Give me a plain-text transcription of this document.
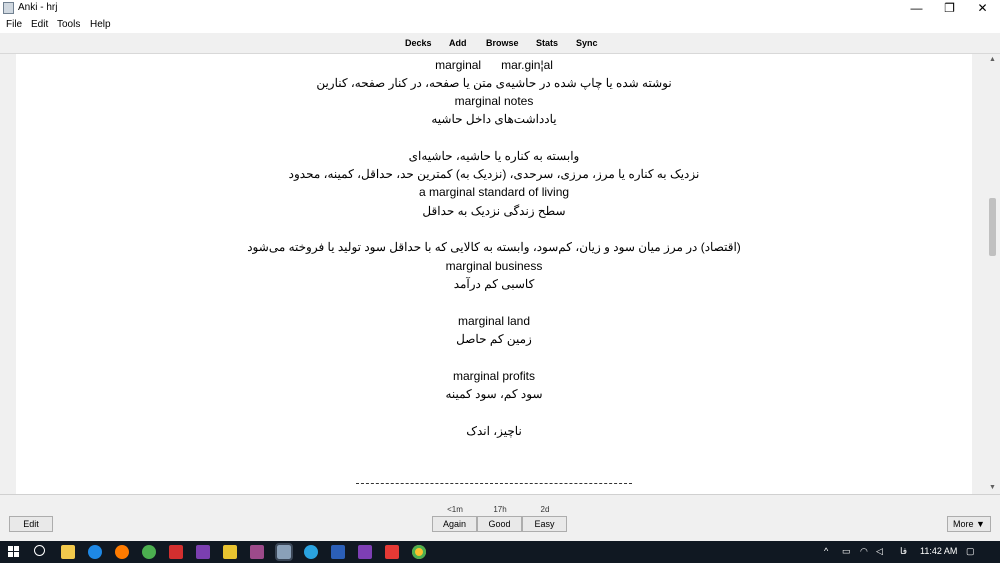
Anki - hrj	—	❐	✕
File Edit Tools Help
Decks Add Browse Stats Sync
marginal      mar.gin¦al
نوشته شده یا چاپ شده در حاشیه‌ی متن یا صفحه، در کنار صفحه، کنارین
marginal notes
یادداشت‌های داخل حاشیه
وابسته به کناره یا حاشیه، حاشیه‌ای
نزدیک به کناره یا مرز، مرزی، سرحدی، (نزدیک به) کمترین حد، حداقل، کمینه، محدود
a marginal standard of living
سطح زندگی نزدیک به حداقل
(اقتصاد) در مرز میان سود و زیان، کم‌سود، وابسته به کالایی که با حداقل سود تولید یا فروخته می‌شود
marginal business
کاسبی کم درآمد
marginal land
زمین کم حاصل
marginal profits
سود کم، سود کمینه
ناچیز، اندک
▲
▼
Edit
<1m	17h	2d
Again	Good	Easy	More ▼
^ ▭ ◠ ◁ فا 11:42 AM ▢
